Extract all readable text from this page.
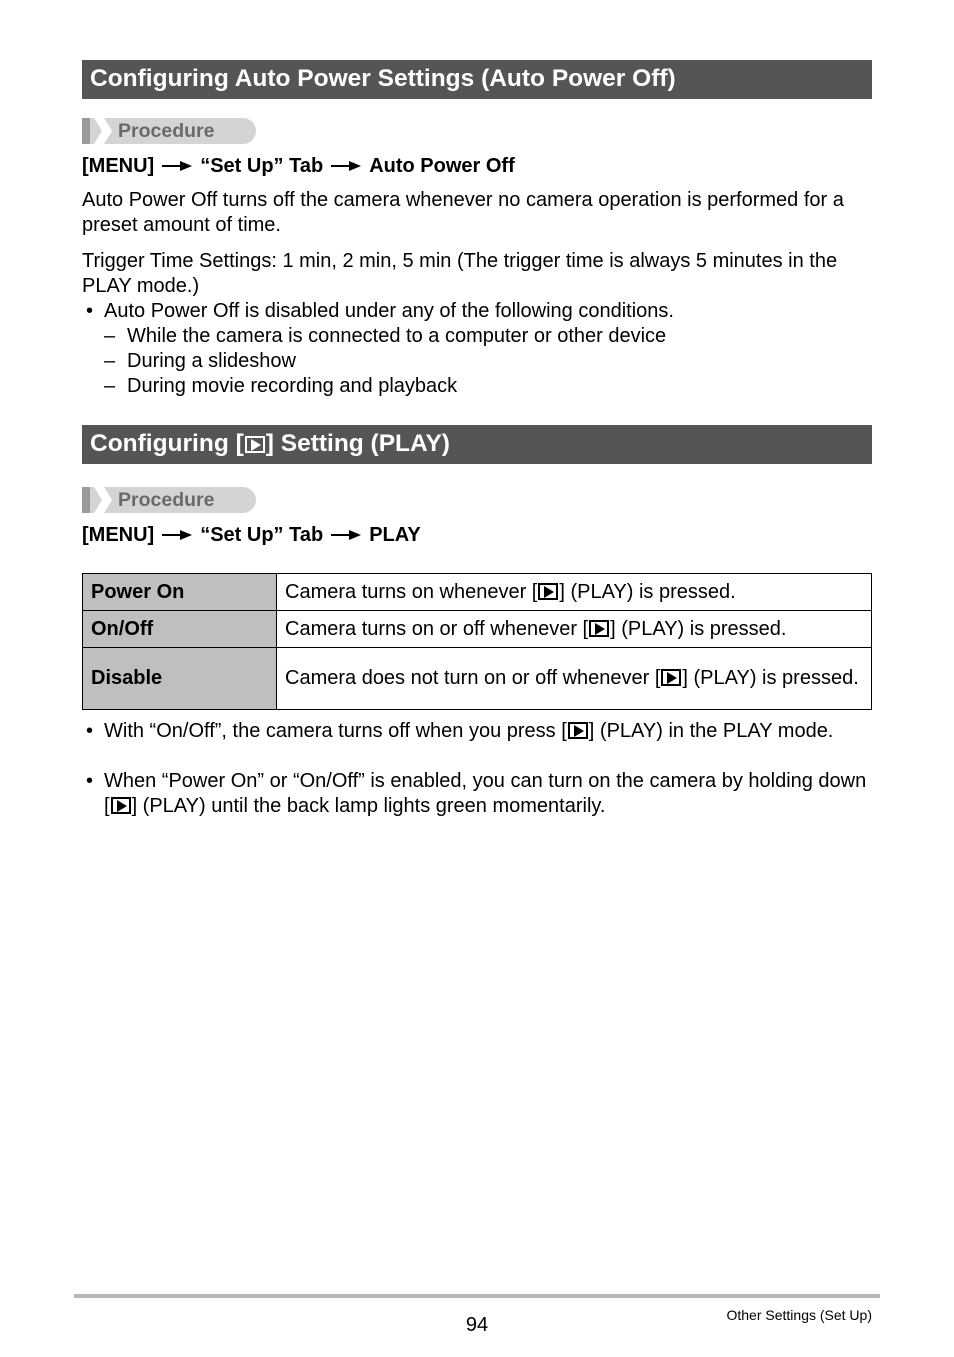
Configuring Auto Power Settings (Auto Power Off)
Procedure
[MENU] “Set Up” Tab Auto Power Off
Auto Power Off turns off the camera whenever no camera operation is performed for a preset amount of time.
Trigger Time Settings: 1 min, 2 min, 5 min (The trigger time is always 5 minutes in the PLAY mode.)
• Auto Power Off is disabled under any of the following conditions.
– While the camera is connected to a computer or other device
– During a slideshow
– During movie recording and playback
Configuring [ ] Setting (PLAY)
Procedure
[MENU] “Set Up” Tab PLAY
Power On	Camera turns on whenever [ ] (PLAY) is pressed.
On/Off	Camera turns on or off whenever [ ] (PLAY) is pressed.
Disable	Camera does not turn on or off whenever [ ] (PLAY) is pressed.
• With “On/Off”, the camera turns off when you press [ ] (PLAY) in the PLAY mode.
• When “Power On” or “On/Off” is enabled, you can turn on the camera by holding down [ ] (PLAY) until the back lamp lights green momentarily.
94	Other Settings (Set Up)
